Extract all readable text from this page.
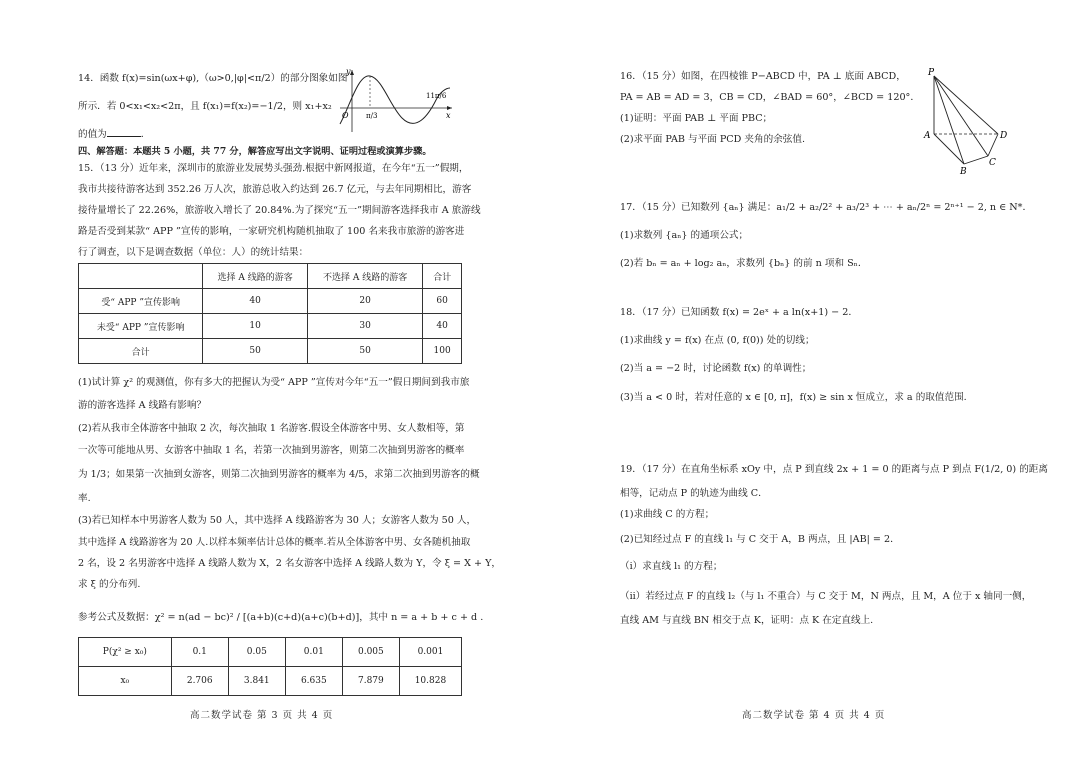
14．函数 f(x)=sin(ωx+φ),（ω>0,|φ|<π/2）的部分图象如图
所示．若 0<x₁<x₂<2π，且 f(x₁)=f(x₂)=−1/2，则 x₁+x₂
的值为	．
y
x
O π/3
11π/6
四、解答题：本题共 5 小题，共 77 分，解答应写出文字说明、证明过程或演算步骤。
15．（13 分）近年来，深圳市的旅游业发展势头强劲.根据中新网报道，在今年“五一”假期，
我市共接待游客达到 352.26 万人次，旅游总收入约达到 26.7 亿元，与去年同期相比，游客
接待量增长了 22.26%，旅游收入增长了 20.84%.为了探究“五一”期间游客选择我市 A 旅游线
路是否受到某款“ APP ”宣传的影响，一家研究机构随机抽取了 100 名来我市旅游的游客进
行了调查，以下是调查数据（单位：人）的统计结果：
	选择 A 线路的游客	不选择 A 线路的游客	合计
受“ APP ”宣传影响	40	20	60
未受“ APP ”宣传影响	10	30	40
合计	50	50	100
(1)试计算 χ² 的观测值，你有多大的把握认为受“ APP ”宣传对今年“五一”假日期间到我市旅
游的游客选择 A 线路有影响？
(2)若从我市全体游客中抽取 2 次，每次抽取 1 名游客.假设全体游客中男、女人数相等，第
一次等可能地从男、女游客中抽取 1 名，若第一次抽到男游客，则第二次抽到男游客的概率
为 1/3；如果第一次抽到女游客，则第二次抽到男游客的概率为 4/5，求第二次抽到男游客的概
率.
(3)若已知样本中男游客人数为 50 人，其中选择 A 线路游客为 30 人；女游客人数为 50 人，
其中选择 A 线路游客为 20 人.以样本频率估计总体的概率.若从全体游客中男、女各随机抽取
2 名，设 2 名男游客中选择 A 线路人数为 X，2 名女游客中选择 A 线路人数为 Y，令 ξ = X + Y，
求 ξ 的分布列.
参考公式及数据：χ² = n(ad − bc)² / [(a+b)(c+d)(a+c)(b+d)]，其中 n = a + b + c + d .
P(χ² ≥ x₀)	0.1	0.05	0.01	0.005	0.001
x₀	2.706	3.841	6.635	7.879	10.828
高二数学试卷 第 3 页 共 4 页
16．（15 分）如图，在四棱锥 P−ABCD 中，PA ⊥ 底面 ABCD，
PA = AB = AD = 3，CB = CD，∠BAD = 60°，∠BCD = 120°．
(1)证明：平面 PAB ⊥ 平面 PBC；
(2)求平面 PAB 与平面 PCD 夹角的余弦值.
P
A
B
C
D
17．（15 分）已知数列 {aₙ} 满足：a₁/2 + a₂/2² + a₃/2³ + ⋯ + aₙ/2ⁿ = 2ⁿ⁺¹ − 2, n ∈ N*．
(1)求数列 {aₙ} 的通项公式；
(2)若 bₙ = aₙ + log₂ aₙ，求数列 {bₙ} 的前 n 项和 Sₙ．
18．（17 分）已知函数 f(x) = 2eˣ + a ln(x+1) − 2．
(1)求曲线 y = f(x) 在点 (0, f(0)) 处的切线；
(2)当 a = −2 时，讨论函数 f(x) 的单调性；
(3)当 a < 0 时，若对任意的 x ∈ [0, π]，f(x) ≥ sin x 恒成立，求 a 的取值范围.
19．（17 分）在直角坐标系 xOy 中，点 P 到直线 2x + 1 = 0 的距离与点 P 到点 F(1/2, 0) 的距离
相等，记动点 P 的轨迹为曲线 C．
(1)求曲线 C 的方程；
(2)已知经过点 F 的直线 l₁ 与 C 交于 A，B 两点，且 |AB| = 2．
（i）求直线 l₁ 的方程；
（ii）若经过点 F 的直线 l₂（与 l₁ 不重合）与 C 交于 M，N 两点，且 M，A 位于 x 轴同一侧，
直线 AM 与直线 BN 相交于点 K，证明：点 K 在定直线上.
高二数学试卷 第 4 页 共 4 页
